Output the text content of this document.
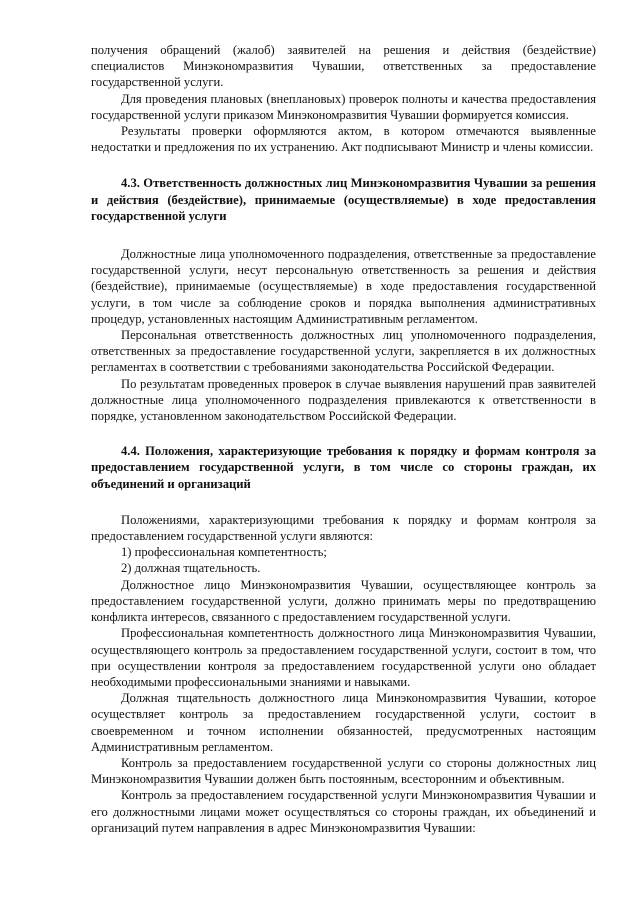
получения обращений (жалоб) заявителей на решения и действия (бездействие) специалистов Минэкономразвития Чувашии, ответственных за предоставление государственной услуги.

Для проведения плановых (внеплановых) проверок полноты и качества предоставления государственной услуги приказом Минэкономразвития Чувашии формируется комиссия.

Результаты проверки оформляются актом, в котором отмечаются выявленные недостатки и предложения по их устранению. Акт подписывают Министр и члены комиссии.

4.3. Ответственность должностных лиц Минэкономразвития Чувашии за решения и действия (бездействие), принимаемые (осуществляемые) в ходе предоставления государственной услуги

Должностные лица уполномоченного подразделения, ответственные за предоставление государственной услуги, несут персональную ответственность за решения и действия (бездействие), принимаемые (осуществляемые) в ходе предоставления государственной услуги, в том числе за соблюдение сроков и порядка выполнения административных процедур, установленных настоящим Административным регламентом.

Персональная ответственность должностных лиц уполномоченного подразделения, ответственных за предоставление государственной услуги, закрепляется в их должностных регламентах в соответствии с требованиями законодательства Российской Федерации.

По результатам проведенных проверок в случае выявления нарушений прав заявителей должностные лица уполномоченного подразделения привлекаются к ответственности в порядке, установленном законодательством Российской Федерации.

4.4. Положения, характеризующие требования к порядку и формам контроля за предоставлением государственной услуги, в том числе со стороны граждан, их объединений и организаций

Положениями, характеризующими требования к порядку и формам контроля за предоставлением государственной услуги являются:

1) профессиональная компетентность;

2) должная тщательность.

Должностное лицо Минэкономразвития Чувашии, осуществляющее контроль за предоставлением государственной услуги, должно принимать меры по предотвращению конфликта интересов, связанного с предоставлением государственной услуги.

Профессиональная компетентность должностного лица Минэкономразвития Чувашии, осуществляющего контроль за предоставлением государственной услуги, состоит в том, что при осуществлении контроля за предоставлением государственной услуги оно обладает необходимыми профессиональными знаниями и навыками.

Должная тщательность должностного лица Минэкономразвития Чувашии, которое осуществляет контроль за предоставлением государственной услуги, состоит в своевременном и точном исполнении обязанностей, предусмотренных настоящим Административным регламентом.

Контроль за предоставлением государственной услуги со стороны должностных лиц Минэкономразвития Чувашии должен быть постоянным, всесторонним и объективным.

Контроль за предоставлением государственной услуги Минэкономразвития Чувашии и его должностными лицами может осуществляться со стороны граждан, их объединений и организаций путем направления в адрес Минэкономразвития Чувашии:
